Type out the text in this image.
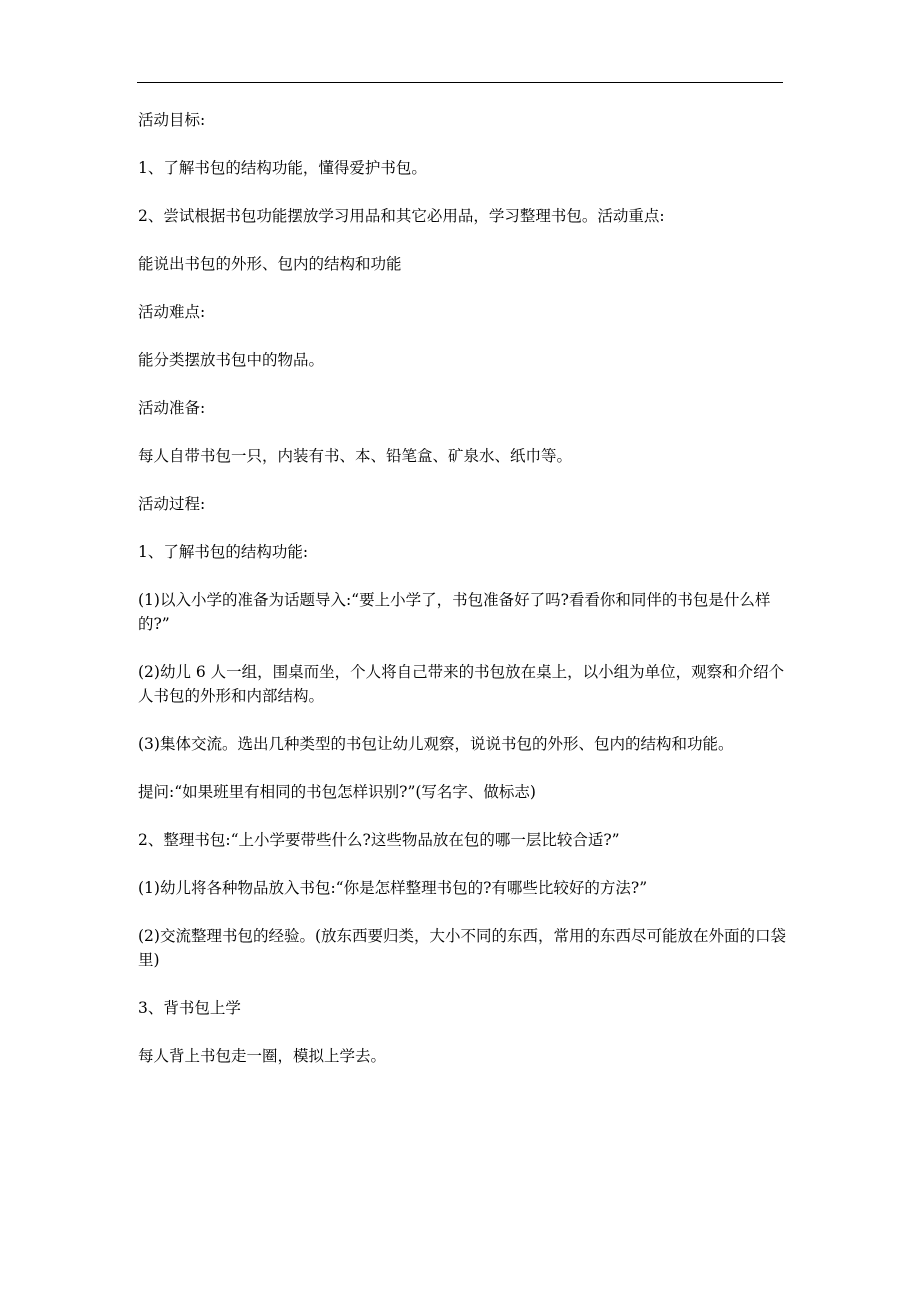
活动目标:

1、了解书包的结构功能，懂得爱护书包。

2、尝试根据书包功能摆放学习用品和其它必用品，学习整理书包。活动重点:

能说出书包的外形、包内的结构和功能

活动难点:

能分类摆放书包中的物品。

活动准备:

每人自带书包一只，内装有书、本、铅笔盒、矿泉水、纸巾等。

活动过程:

1、了解书包的结构功能:

(1)以入小学的准备为话题导入:“要上小学了，书包准备好了吗?看看你和同伴的书包是什么样的?”

(2)幼儿 6 人一组，围桌而坐，个人将自己带来的书包放在桌上，以小组为单位，观察和介绍个人书包的外形和内部结构。

(3)集体交流。选出几种类型的书包让幼儿观察，说说书包的外形、包内的结构和功能。

提问:“如果班里有相同的书包怎样识别?”(写名字、做标志)

2、整理书包:“上小学要带些什么?这些物品放在包的哪一层比较合适?”

(1)幼儿将各种物品放入书包:“你是怎样整理书包的?有哪些比较好的方法?”

(2)交流整理书包的经验。(放东西要归类，大小不同的东西，常用的东西尽可能放在外面的口袋里)

3、背书包上学

每人背上书包走一圈，模拟上学去。
